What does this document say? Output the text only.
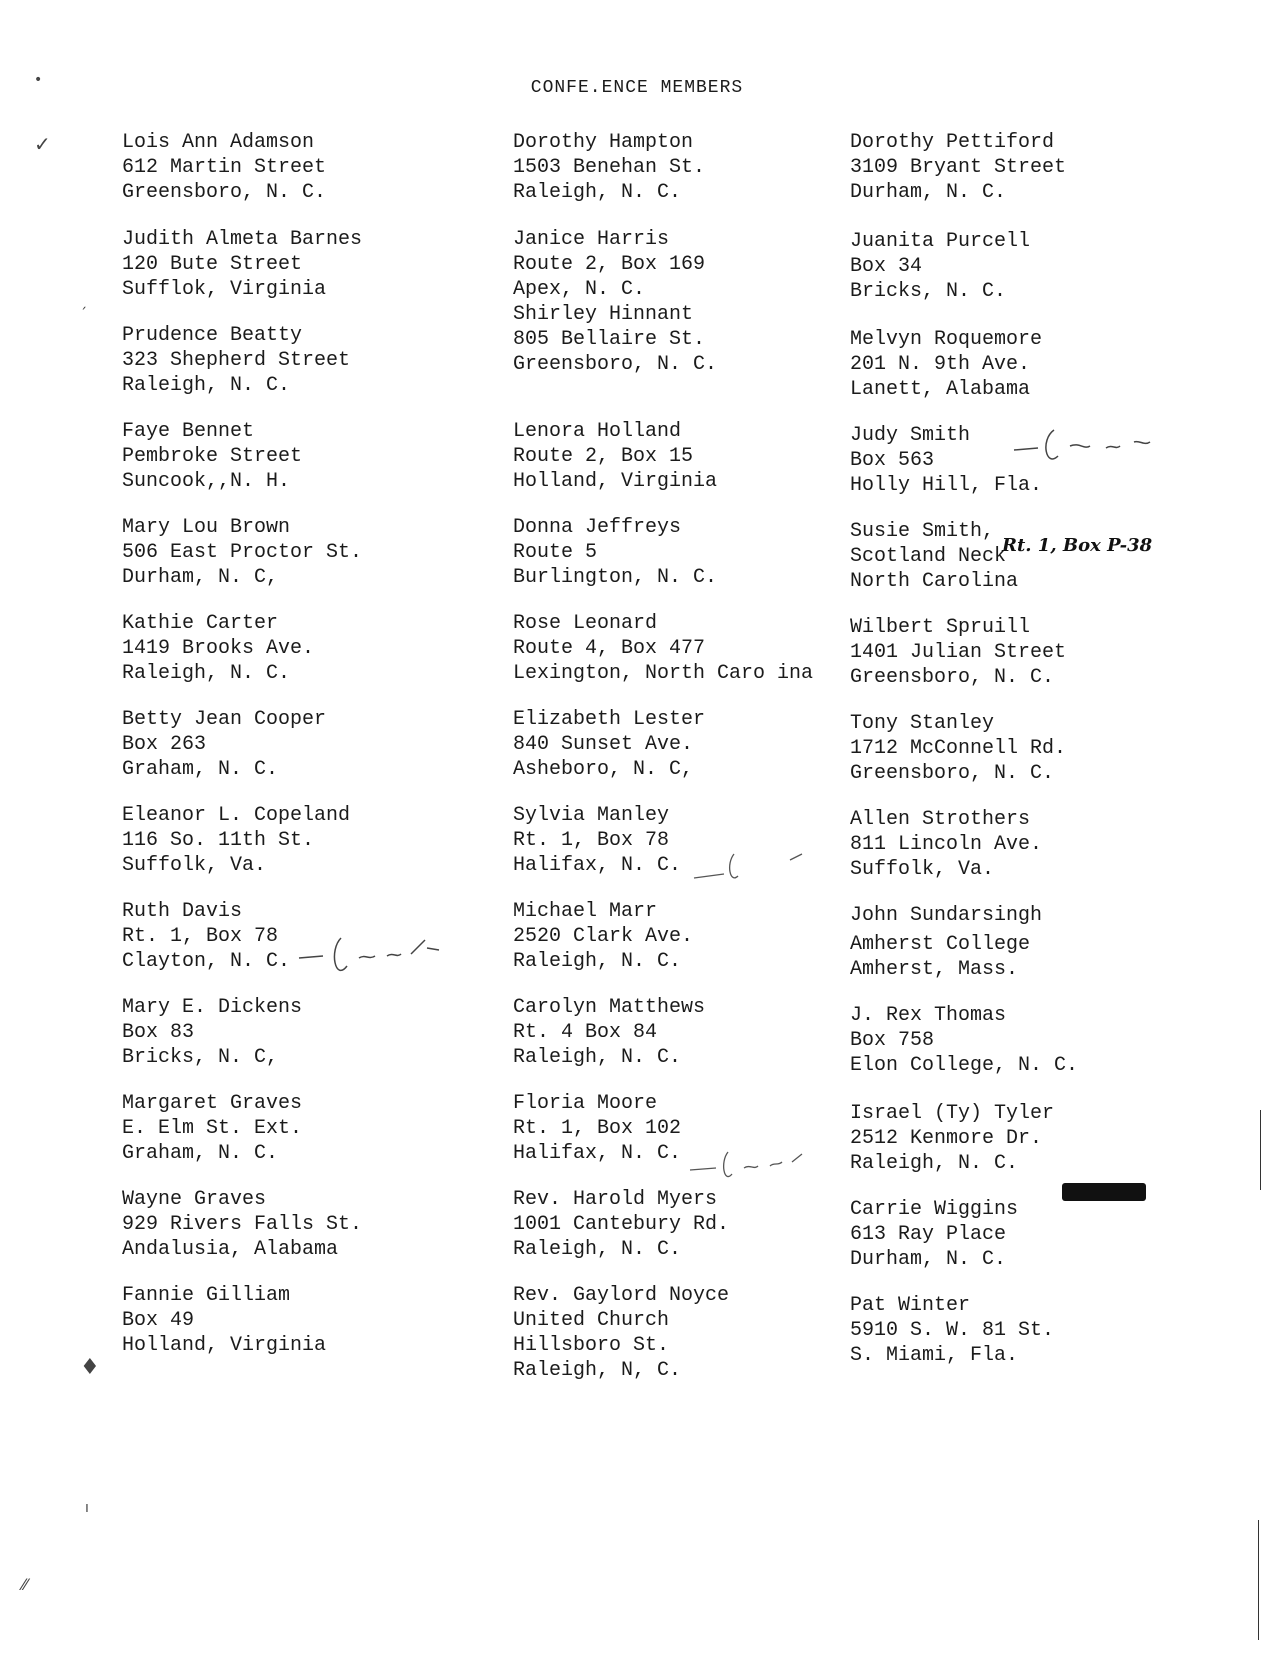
CONFE.ENCE MEMBERS
Lois Ann Adamson
612 Martin Street
Greensboro, N. C.
Judith Almeta Barnes
120 Bute Street
Sufflok, Virginia
Prudence Beatty
323 Shepherd Street
Raleigh, N. C.
Faye Bennet
Pembroke Street
Suncook,,N. H.
Mary Lou Brown
506 East Proctor St.
Durham, N. C,
Kathie Carter
1419 Brooks Ave.
Raleigh, N. C.
Betty Jean Cooper
Box 263
Graham, N. C.
Eleanor L. Copeland
116 So. 11th St.
Suffolk, Va.
Ruth Davis
Rt. 1, Box 78
Clayton, N. C.
Mary E. Dickens
Box 83
Bricks, N. C,
Margaret Graves
E. Elm St. Ext.
Graham, N. C.
Wayne Graves
929 Rivers Falls St.
Andalusia, Alabama
Fannie Gilliam
Box 49
Holland, Virginia
Dorothy Hampton
1503 Benehan St.
Raleigh, N. C.
Janice Harris
Route 2, Box 169
Apex, N. C.
Shirley Hinnant
805 Bellaire St.
Greensboro, N. C.
Lenora Holland
Route 2, Box 15
Holland, Virginia
Donna Jeffreys
Route 5
Burlington, N. C.
Rose Leonard
Route 4, Box 477
Lexington, North Caro ina
Elizabeth Lester
840 Sunset Ave.
Asheboro, N. C,
Sylvia Manley
Rt. 1, Box 78
Halifax, N. C.
Michael Marr
2520 Clark Ave.
Raleigh, N. C.
Carolyn Matthews
Rt. 4 Box 84
Raleigh, N. C.
Floria Moore
Rt. 1, Box 102
Halifax, N. C.
Rev. Harold Myers
1001 Cantebury Rd.
Raleigh, N. C.
Rev. Gaylord Noyce
United Church
Hillsboro St.
Raleigh, N, C.
Dorothy Pettiford
3109 Bryant Street
Durham, N. C.
Juanita Purcell
Box 34
Bricks, N. C.
Melvyn Roquemore
201 N. 9th Ave.
Lanett, Alabama
Judy Smith
Box 563
Holly Hill, Fla.
Susie Smith,
Scotland Neck
North Carolina
Wilbert Spruill
1401 Julian Street
Greensboro, N. C.
Tony Stanley
1712 McConnell Rd.
Greensboro, N. C.
Allen Strothers
811 Lincoln Ave.
Suffolk, Va.
John Sundarsingh
Amherst College
Amherst, Mass.
J. Rex Thomas
Box 758
Elon College, N. C.
Israel (Ty) Tyler
2512 Kenmore Dr.
Raleigh, N. C.
Carrie Wiggins
613 Ray Place
Durham, N. C.
Pat Winter
5910 S. W. 81 St.
S. Miami, Fla.
Rt. 1, Box P-38
•
✓
ˏ
♦
ı
⁄⁄
